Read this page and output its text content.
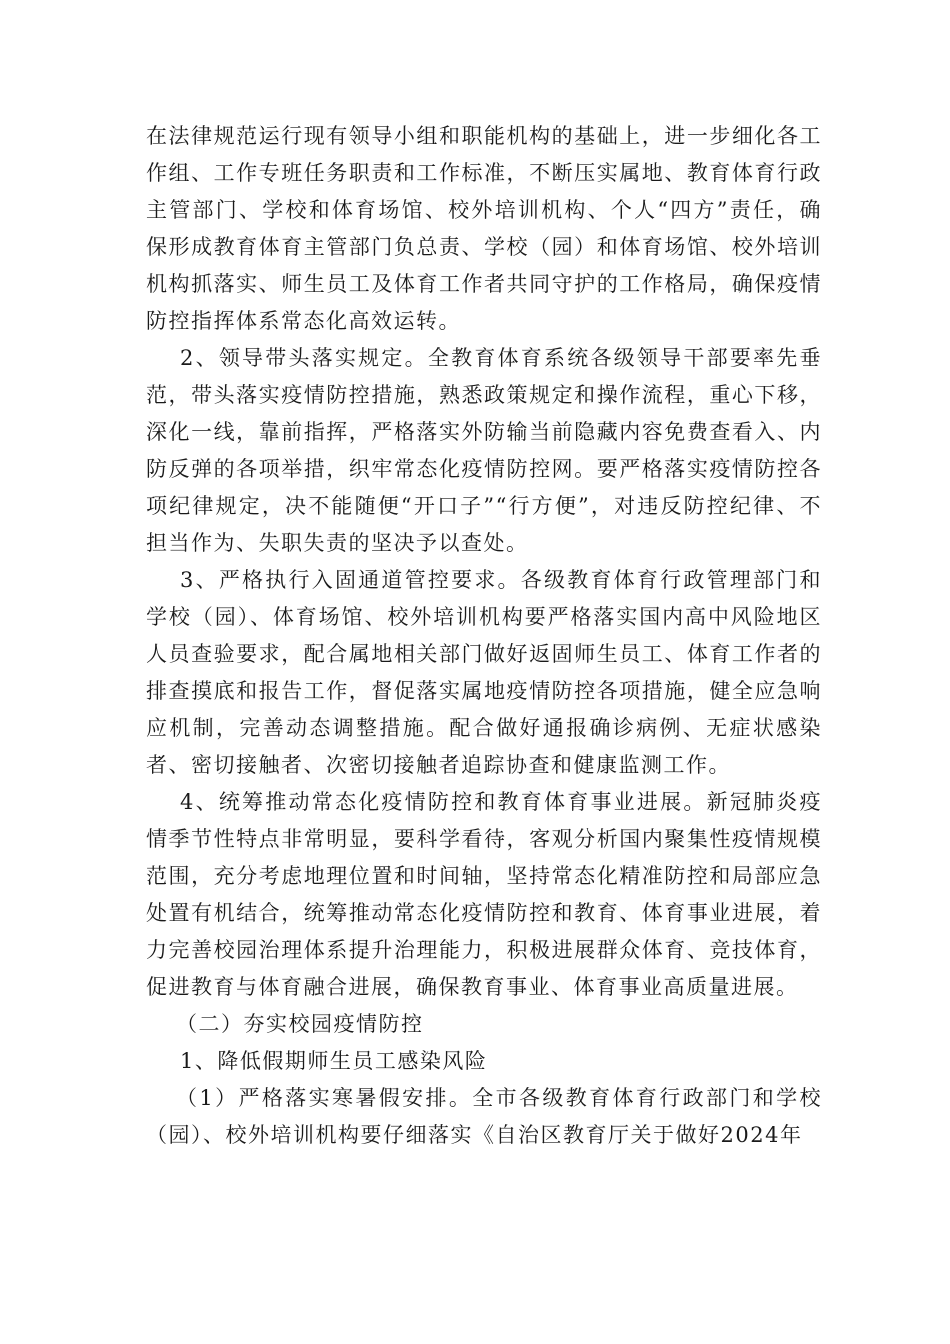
在法律规范运行现有领导小组和职能机构的基础上，进一步细化各工作组、工作专班任务职责和工作标准，不断压实属地、教育体育行政主管部门、学校和体育场馆、校外培训机构、个人“四方”责任，确保形成教育体育主管部门负总责、学校（园）和体育场馆、校外培训机构抓落实、师生员工及体育工作者共同守护的工作格局，确保疫情防控指挥体系常态化高效运转。

2、领导带头落实规定。全教育体育系统各级领导干部要率先垂范，带头落实疫情防控措施，熟悉政策规定和操作流程，重心下移，深化一线，靠前指挥，严格落实外防输当前隐藏内容免费查看入、内防反弹的各项举措，织牢常态化疫情防控网。要严格落实疫情防控各项纪律规定，决不能随便“开口子”“行方便”，对违反防控纪律、不担当作为、失职失责的坚决予以查处。

3、严格执行入固通道管控要求。各级教育体育行政管理部门和学校（园）、体育场馆、校外培训机构要严格落实国内高中风险地区人员查验要求，配合属地相关部门做好返固师生员工、体育工作者的排查摸底和报告工作，督促落实属地疫情防控各项措施，健全应急响应机制，完善动态调整措施。配合做好通报确诊病例、无症状感染者、密切接触者、次密切接触者追踪协查和健康监测工作。

4、统筹推动常态化疫情防控和教育体育事业进展。新冠肺炎疫情季节性特点非常明显，要科学看待，客观分析国内聚集性疫情规模范围，充分考虑地理位置和时间轴，坚持常态化精准防控和局部应急处置有机结合，统筹推动常态化疫情防控和教育、体育事业进展，着力完善校园治理体系提升治理能力，积极进展群众体育、竞技体育，促进教育与体育融合进展，确保教育事业、体育事业高质量进展。

（二）夯实校园疫情防控

1、降低假期师生员工感染风险

（1）严格落实寒暑假安排。全市各级教育体育行政部门和学校（园）、校外培训机构要仔细落实《自治区教育厅关于做好2024年
